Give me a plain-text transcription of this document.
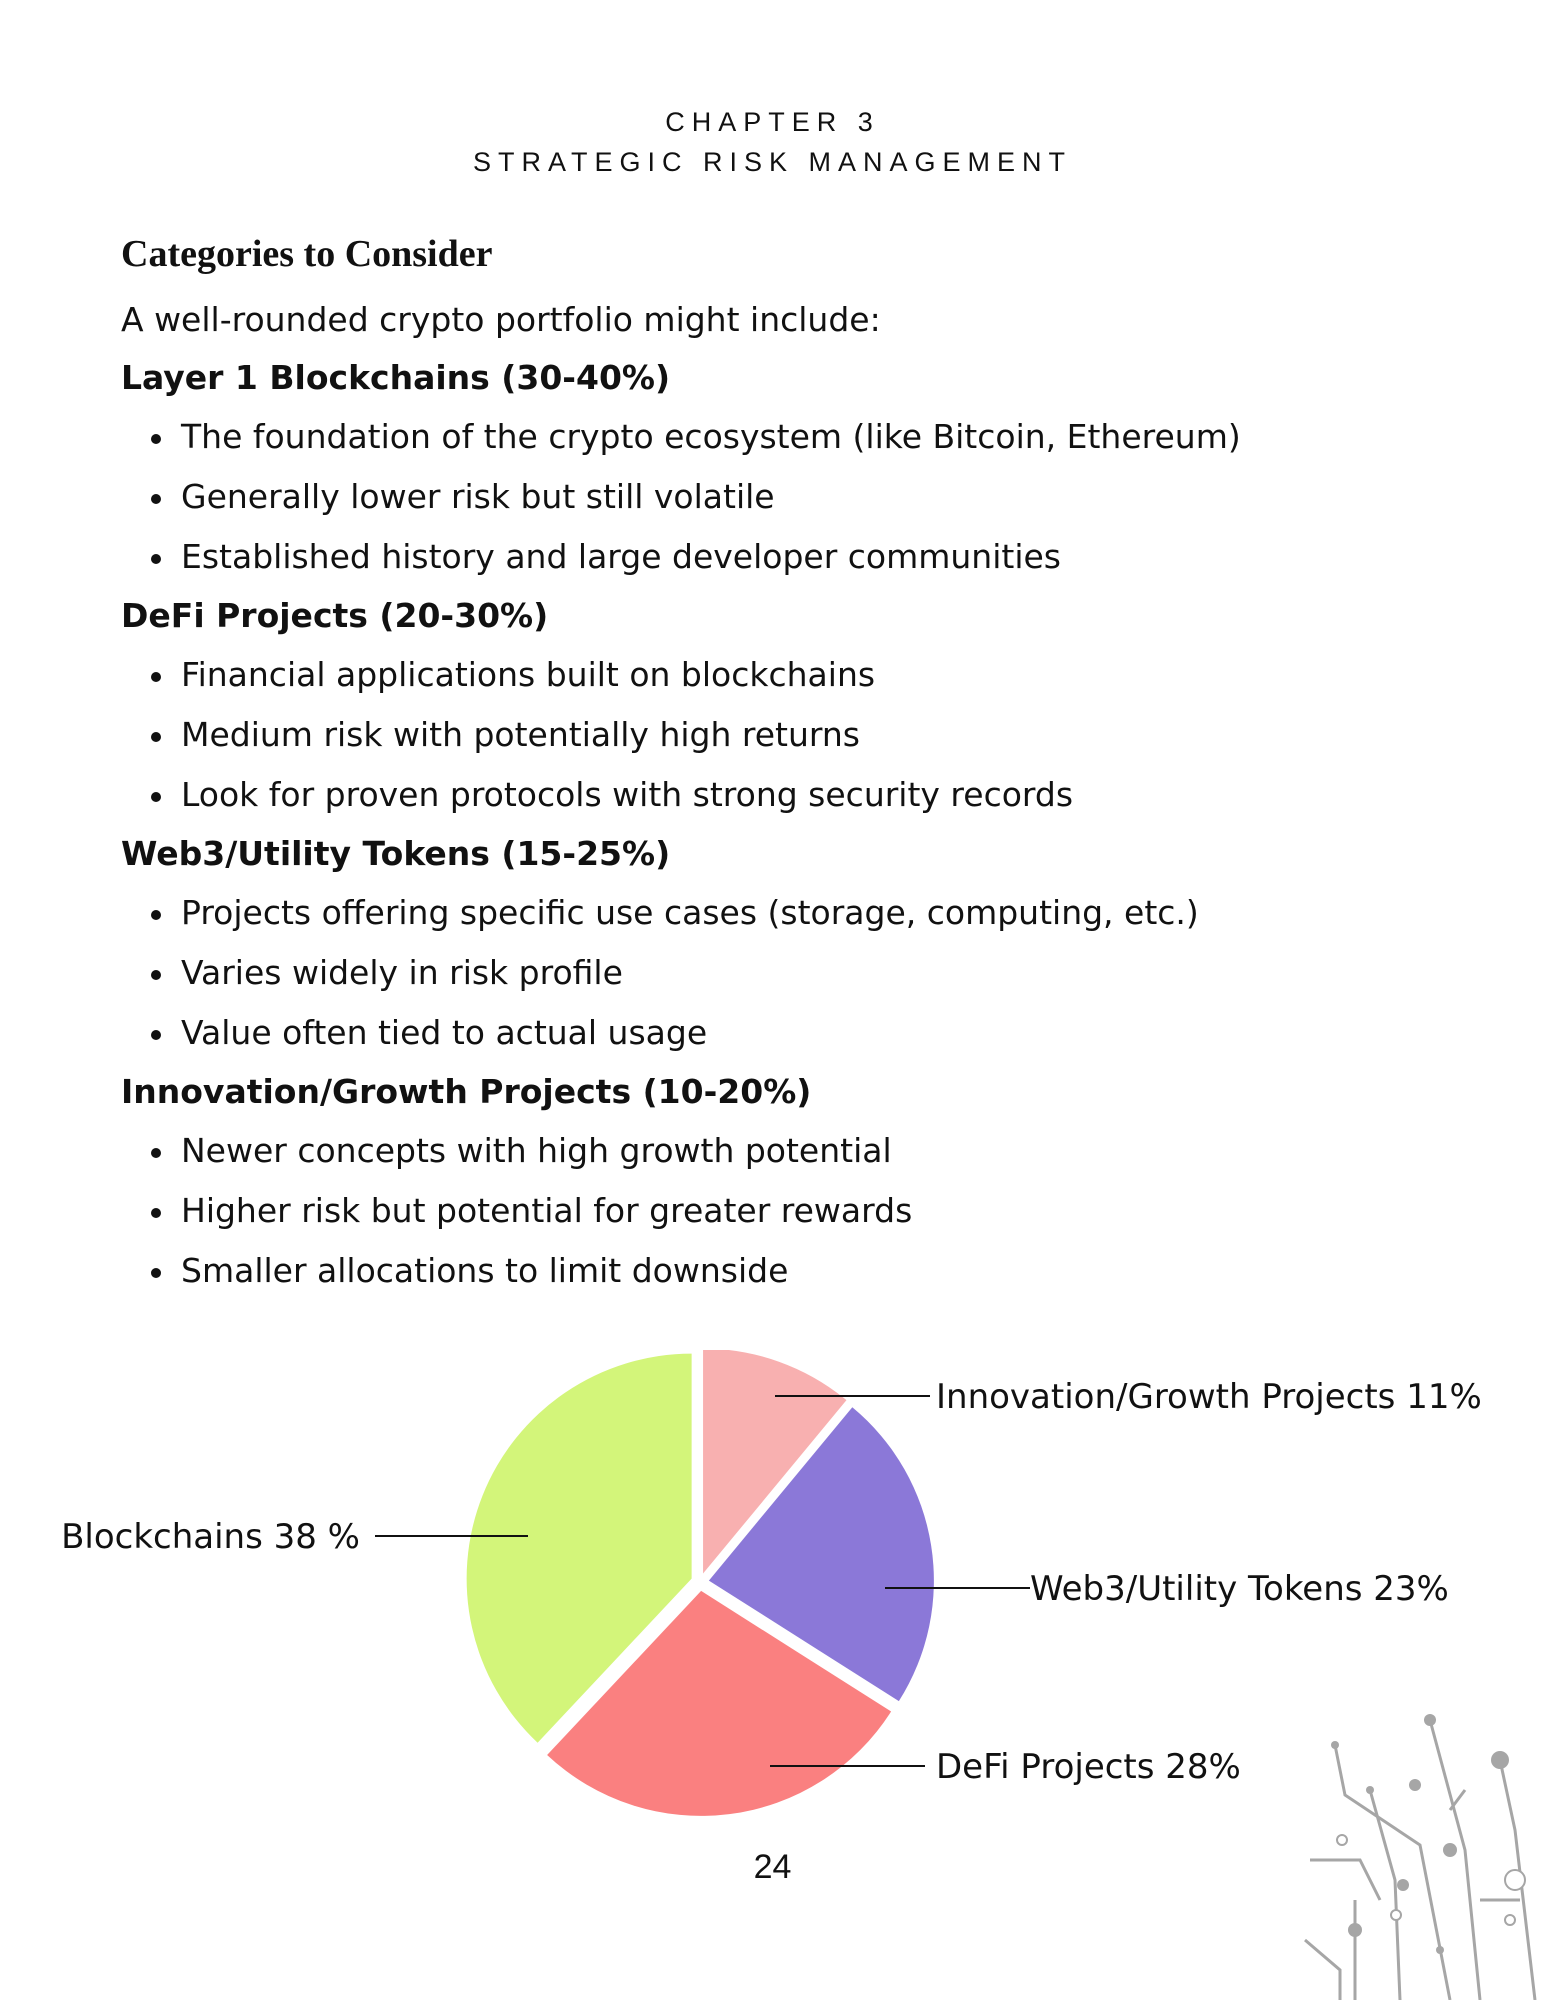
CHAPTER 3
STRATEGIC RISK MANAGEMENT
Categories to Consider

A well-rounded crypto portfolio might include:

Layer 1 Blockchains (30-40%)
The foundation of the crypto ecosystem (like Bitcoin, Ethereum)
Generally lower risk but still volatile
Established history and large developer communities
DeFi Projects (20-30%)
Financial applications built on blockchains
Medium risk with potentially high returns
Look for proven protocols with strong security records
Web3/Utility Tokens (15-25%)
Projects offering specific use cases (storage, computing, etc.)
Varies widely in risk profile
Value often tied to actual usage
Innovation/Growth Projects (10-20%)
Newer concepts with high growth potential
Higher risk but potential for greater rewards
Smaller allocations to limit downside
Innovation/Growth Projects 11%
Web3/Utility Tokens 23%
DeFi Projects 28%
Blockchains 38 %
24
